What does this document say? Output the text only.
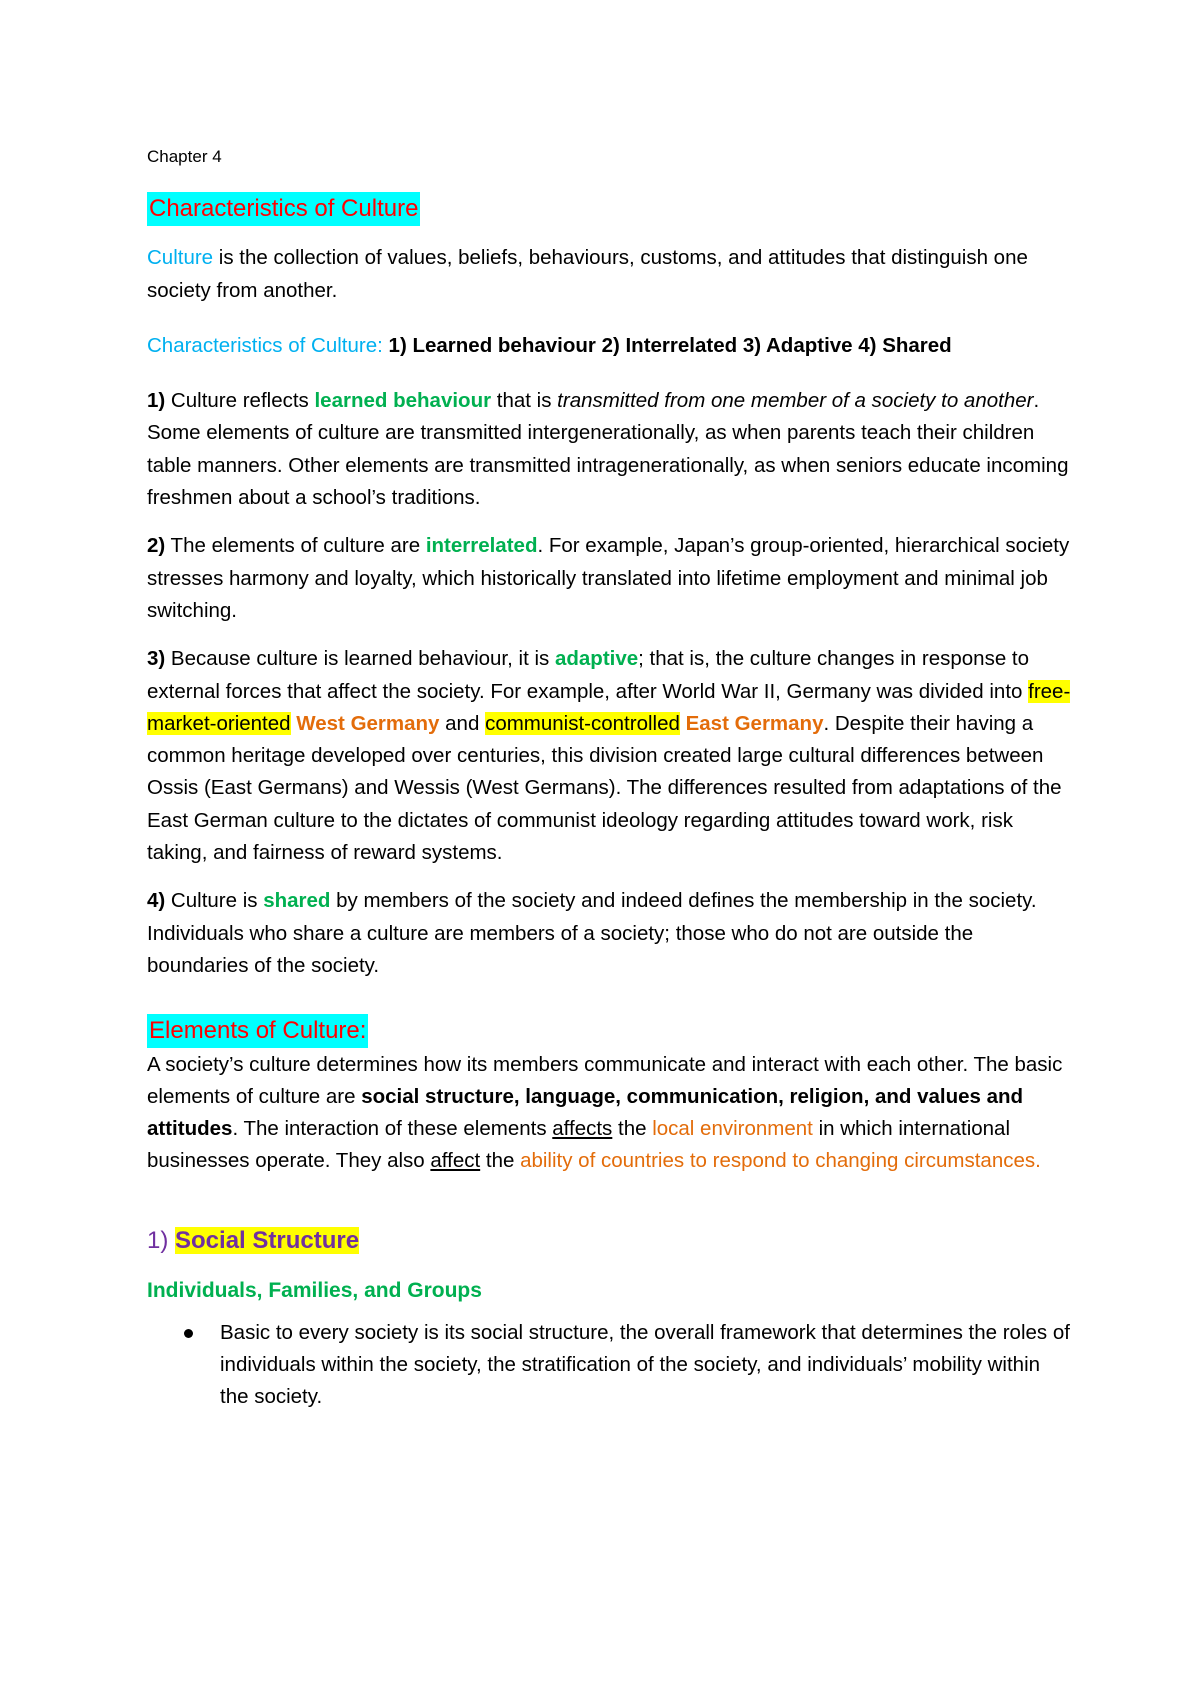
Chapter 4

Characteristics of Culture

Culture is the collection of values, beliefs, behaviours, customs, and attitudes that distinguish one society from another.

Characteristics of Culture: 1) Learned behaviour 2) Interrelated 3) Adaptive 4) Shared

1) Culture reflects learned behaviour that is transmitted from one member of a society to another.

Some elements of culture are transmitted intergenerationally, as when parents teach their children table manners. Other elements are transmitted intragenerationally, as when seniors educate incoming freshmen about a school’s traditions.

2) The elements of culture are interrelated. For example, Japan’s group-oriented, hierarchical society stresses harmony and loyalty, which historically translated into lifetime employment and minimal job switching.

3) Because culture is learned behaviour, it is adaptive; that is, the culture changes in response to external forces that affect the society. For example, after World War II, Germany was divided into free-market-oriented West Germany and communist-controlled East Germany. Despite their having a common heritage developed over centuries, this division created large cultural differences between Ossis (East Germans) and Wessis (West Germans). The differences resulted from adaptations of the East German culture to the dictates of communist ideology regarding attitudes toward work, risk taking, and fairness of reward systems.

4) Culture is shared by members of the society and indeed defines the membership in the society. Individuals who share a culture are members of a society; those who do not are outside the boundaries of the society.

Elements of Culture:

A society’s culture determines how its members communicate and interact with each other. The basic elements of culture are social structure, language, communication, religion, and values and attitudes. The interaction of these elements affects the local environment in which international businesses operate. They also affect the ability of countries to respond to changing circumstances.

1) Social Structure

Individuals, Families, and Groups

Basic to every society is its social structure, the overall framework that determines the roles of individuals within the society, the stratification of the society, and individuals’ mobility within the society.
